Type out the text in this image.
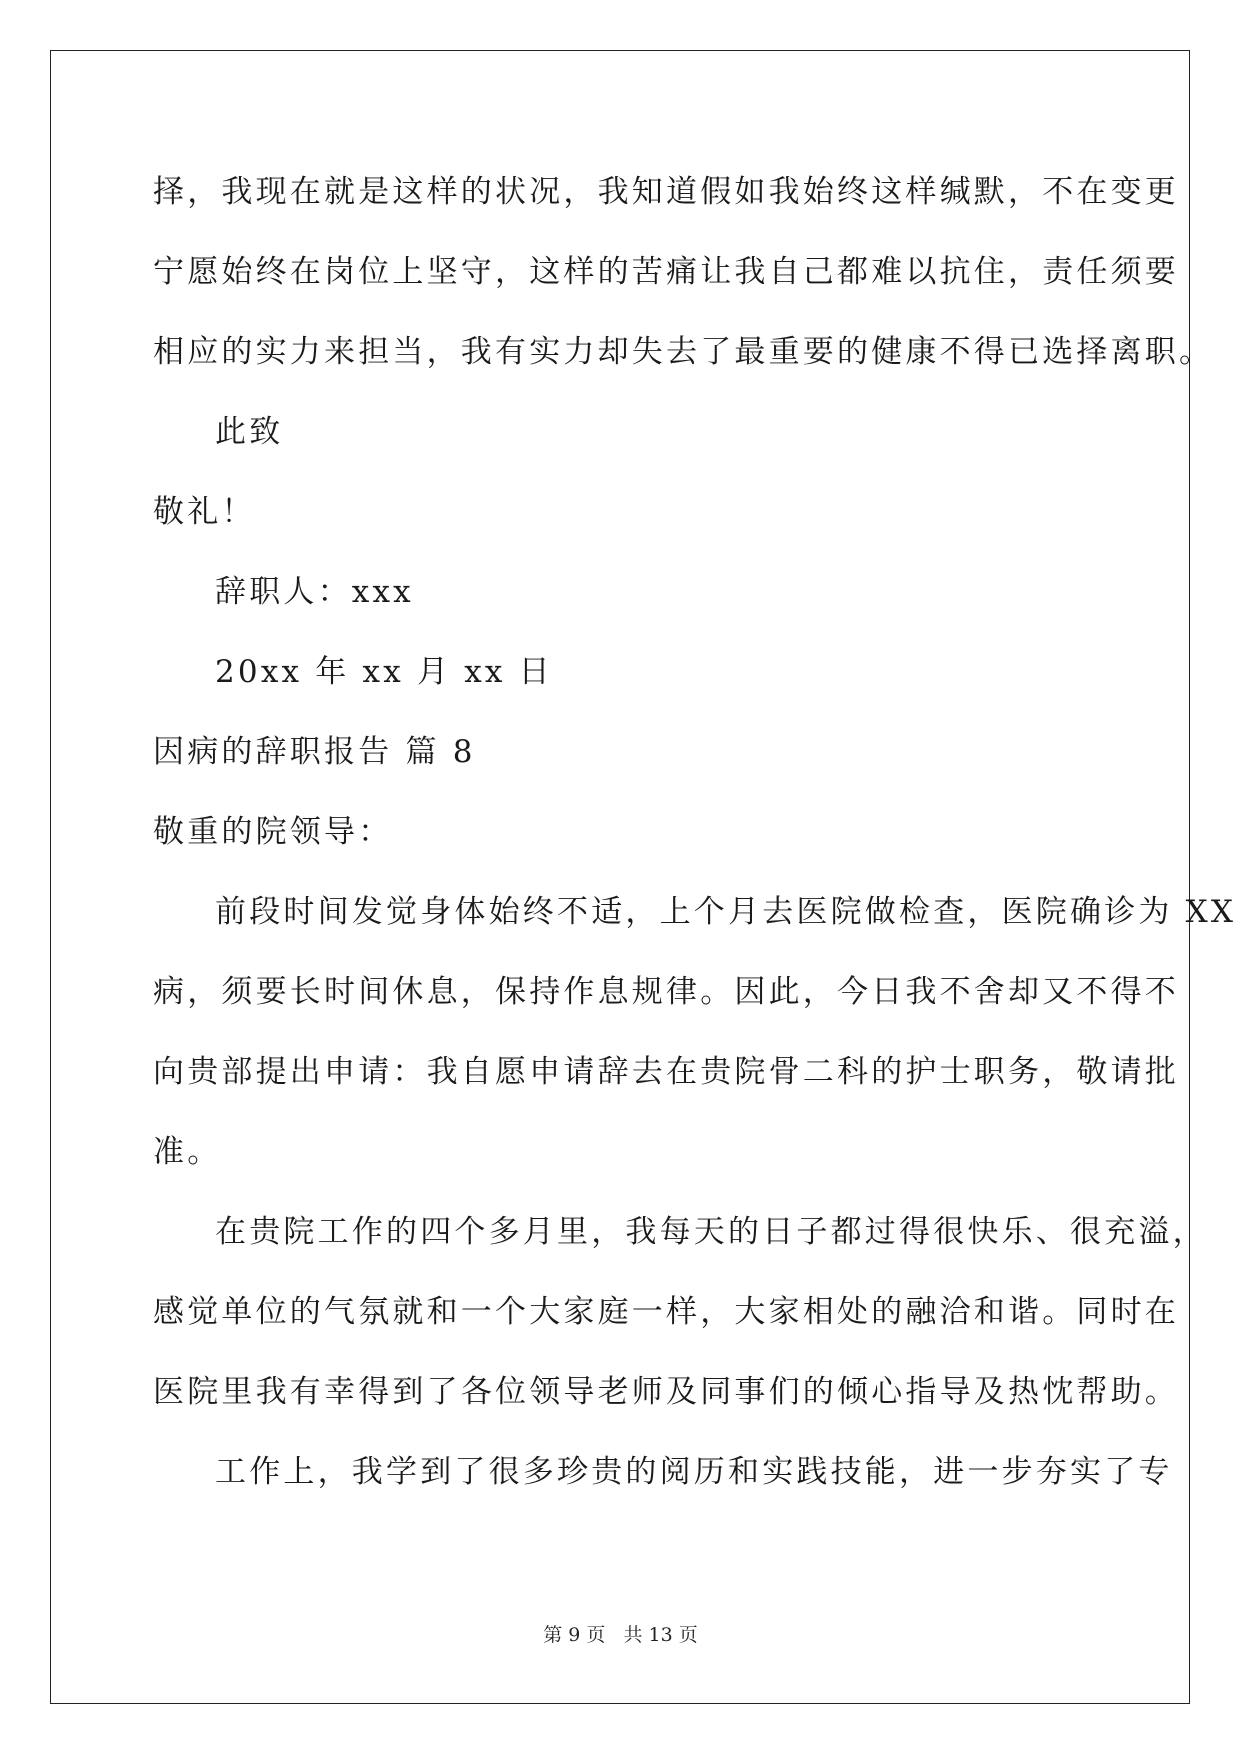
择，我现在就是这样的状况，我知道假如我始终这样缄默，不在变更
宁愿始终在岗位上坚守，这样的苦痛让我自己都难以抗住，责任须要
相应的实力来担当，我有实力却失去了最重要的健康不得已选择离职。
此致
敬礼！
辞职人：xxx
20xx 年 xx 月 xx 日
因病的辞职报告 篇 8
敬重的院领导：
前段时间发觉身体始终不适，上个月去医院做检查，医院确诊为 XX
病，须要长时间休息，保持作息规律。因此，今日我不舍却又不得不
向贵部提出申请：我自愿申请辞去在贵院骨二科的护士职务，敬请批
准。
在贵院工作的四个多月里，我每天的日子都过得很快乐、很充溢，
感觉单位的气氛就和一个大家庭一样，大家相处的融洽和谐。同时在
医院里我有幸得到了各位领导老师及同事们的倾心指导及热忱帮助。
工作上，我学到了很多珍贵的阅历和实践技能，进一步夯实了专
第 9 页 共 13 页
